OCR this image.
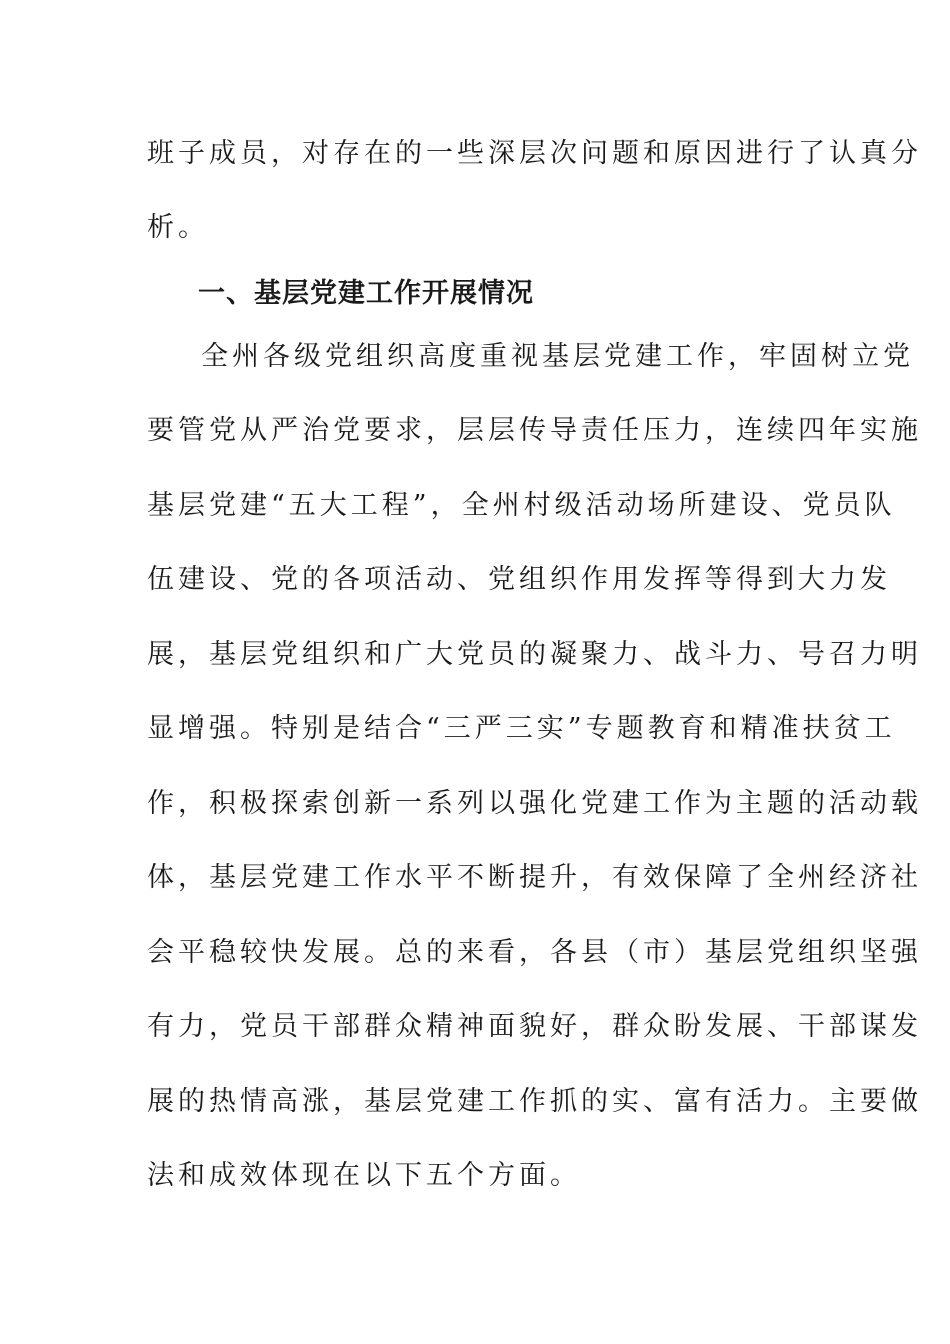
班子成员，对存在的一些深层次问题和原因进行了认真分
析。
一、基层党建工作开展情况
全州各级党组织高度重视基层党建工作，牢固树立党
要管党从严治党要求，层层传导责任压力，连续四年实施
基层党建“五大工程”，全州村级活动场所建设、党员队
伍建设、党的各项活动、党组织作用发挥等得到大力发
展，基层党组织和广大党员的凝聚力、战斗力、号召力明
显增强。特别是结合“三严三实”专题教育和精准扶贫工
作，积极探索创新一系列以强化党建工作为主题的活动载
体，基层党建工作水平不断提升，有效保障了全州经济社
会平稳较快发展。总的来看，各县（市）基层党组织坚强
有力，党员干部群众精神面貌好，群众盼发展、干部谋发
展的热情高涨，基层党建工作抓的实、富有活力。主要做
法和成效体现在以下五个方面。
